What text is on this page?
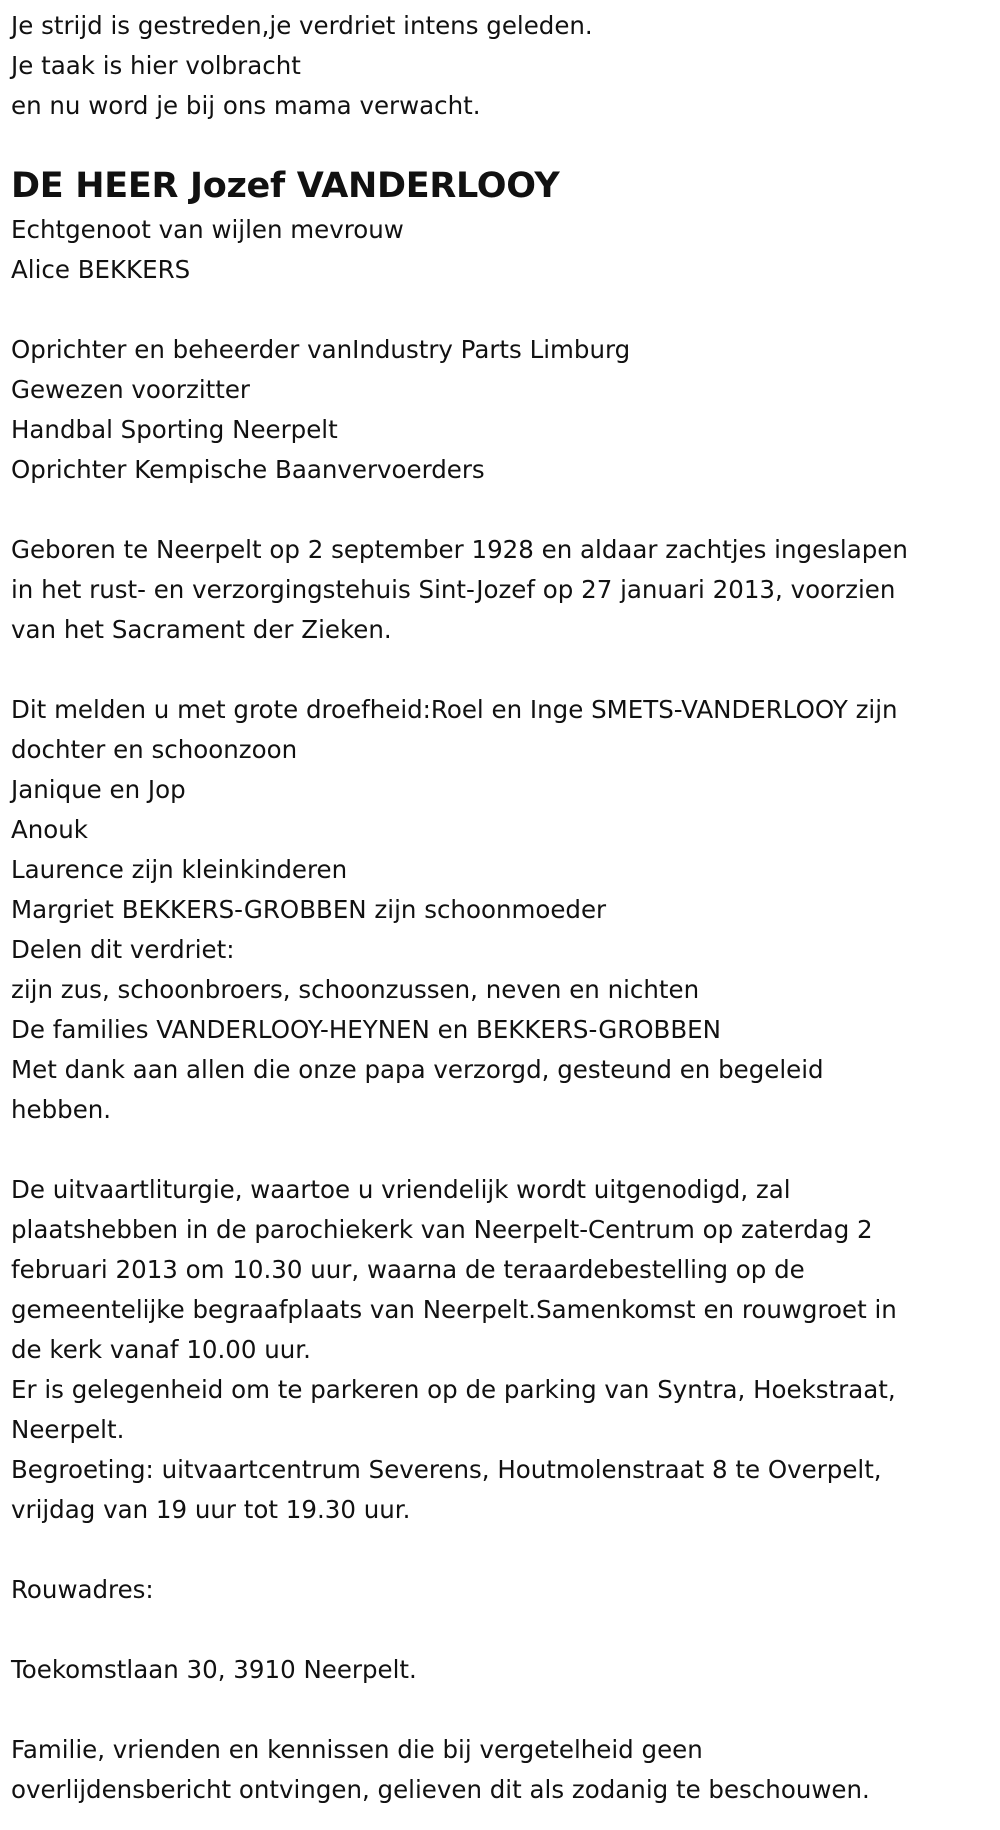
Je strijd is gestreden,je verdriet intens geleden.
Je taak is hier volbracht
en nu word je bij ons mama verwacht.
DE HEER Jozef VANDERLOOY
Echtgenoot van wijlen mevrouw
Alice BEKKERS
Oprichter en beheerder vanIndustry Parts Limburg
Gewezen voorzitter
Handbal Sporting Neerpelt
Oprichter Kempische Baanvervoerders
Geboren te Neerpelt op 2 september 1928 en aldaar zachtjes ingeslapen
in het rust- en verzorgingstehuis Sint-Jozef op 27 januari 2013, voorzien
van het Sacrament der Zieken.
Dit melden u met grote droefheid:Roel en Inge SMETS-VANDERLOOY zijn
dochter en schoonzoon
Janique en Jop
Anouk
Laurence zijn kleinkinderen
Margriet BEKKERS-GROBBEN zijn schoonmoeder
Delen dit verdriet:
zijn zus, schoonbroers, schoonzussen, neven en nichten
De families VANDERLOOY-HEYNEN en BEKKERS-GROBBEN
Met dank aan allen die onze papa verzorgd, gesteund en begeleid
hebben.
De uitvaartliturgie, waartoe u vriendelijk wordt uitgenodigd, zal
plaatshebben in de parochiekerk van Neerpelt-Centrum op zaterdag 2
februari 2013 om 10.30 uur, waarna de teraardebestelling op de
gemeentelijke begraafplaats van Neerpelt.Samenkomst en rouwgroet in
de kerk vanaf 10.00 uur.
Er is gelegenheid om te parkeren op de parking van Syntra, Hoekstraat,
Neerpelt.
Begroeting: uitvaartcentrum Severens, Houtmolenstraat 8 te Overpelt,
vrijdag van 19 uur tot 19.30 uur.
Rouwadres:
Toekomstlaan 30, 3910 Neerpelt.
Familie, vrienden en kennissen die bij vergetelheid geen
overlijdensbericht ontvingen, gelieven dit als zodanig te beschouwen.
